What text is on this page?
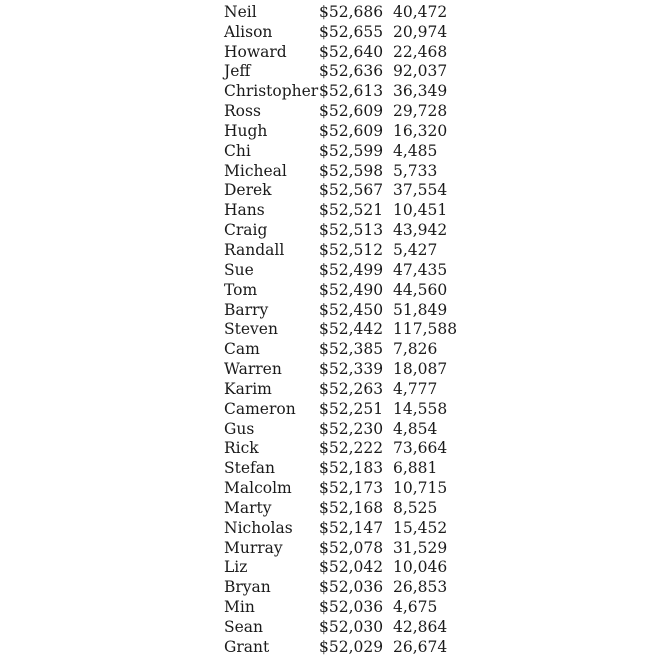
Neil	$52,686 40,472
Alison	$52,655 20,974
Howard	$52,640 22,468
Jeff	$52,636 92,037
Christopher $52,613 36,349
Ross	$52,609 29,728
Hugh	$52,609 16,320
Chi	$52,599 4,485
Micheal	$52,598 5,733
Derek	$52,567 37,554
Hans	$52,521 10,451
Craig	$52,513 43,942
Randall	$52,512 5,427
Sue	$52,499 47,435
Tom	$52,490 44,560
Barry	$52,450 51,849
Steven	$52,442 117,588
Cam	$52,385 7,826
Warren	$52,339 18,087
Karim	$52,263 4,777
Cameron	$52,251 14,558
Gus	$52,230 4,854
Rick	$52,222 73,664
Stefan	$52,183 6,881
Malcolm	$52,173 10,715
Marty	$52,168 8,525
Nicholas	$52,147 15,452
Murray	$52,078 31,529
Liz	$52,042 10,046
Bryan	$52,036 26,853
Min	$52,036 4,675
Sean	$52,030 42,864
Grant	$52,029 26,674
